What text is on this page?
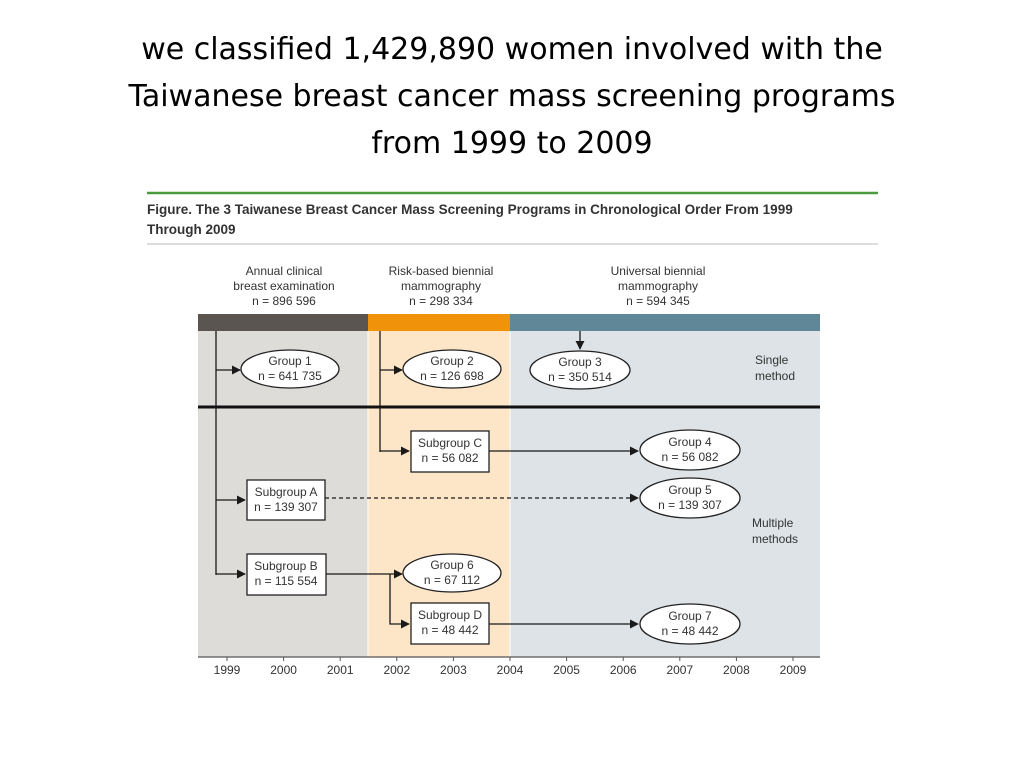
we classified 1,429,890 women involved with the
Taiwanese breast cancer mass screening programs
from 1999 to 2009
Figure. The 3 Taiwanese Breast Cancer Mass Screening Programs in Chronological Order From 1999
Through 2009
Annual clinical
breast examination
n = 896 596
Risk-based biennial
mammography
n = 298 334
Universal biennial
mammography
n = 594 345
Single
method
Multiple
methods
Group 1
n = 641 735
Group 2
n = 126 698
Group 3
n = 350 514
Group 4
n = 56 082
Group 5
n = 139 307
Group 6
n = 67 112
Group 7
n = 48 442
Subgroup A
n = 139 307
Subgroup B
n = 115 554
Subgroup C
n = 56 082
Subgroup D
n = 48 442
1999 2000 2001 2002 2003 2004 2005 2006 2007 2008 2009
